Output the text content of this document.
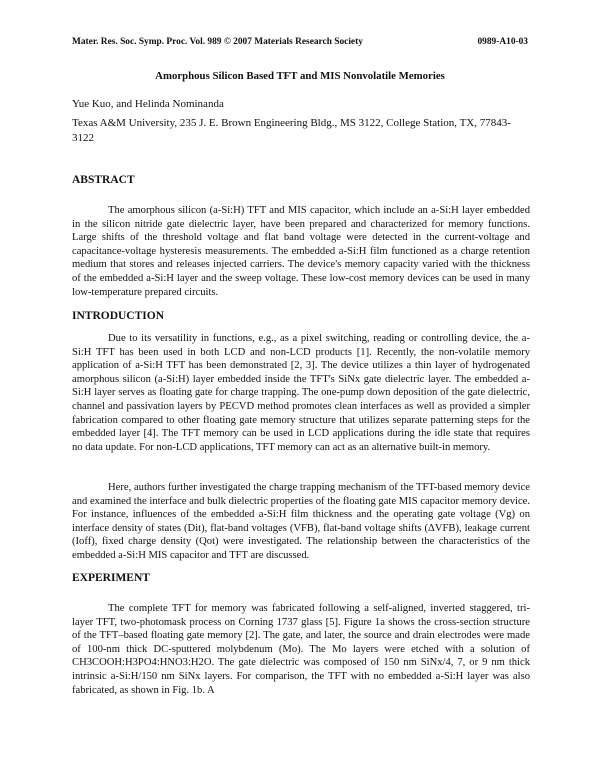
Mater. Res. Soc. Symp. Proc. Vol. 989 © 2007 Materials Research Society	0989-A10-03
Amorphous Silicon Based TFT and MIS Nonvolatile Memories
Yue Kuo, and Helinda Nominanda
Texas A&M University, 235 J. E. Brown Engineering Bldg., MS 3122, College Station, TX, 77843-3122
ABSTRACT

The amorphous silicon (a-Si:H) TFT and MIS capacitor, which include an a-Si:H layer embedded in the silicon nitride gate dielectric layer, have been prepared and characterized for memory functions. Large shifts of the threshold voltage and flat band voltage were detected in the current-voltage and capacitance-voltage hysteresis measurements. The embedded a-Si:H film functioned as a charge retention medium that stores and releases injected carriers. The device's memory capacity varied with the thickness of the embedded a-Si:H layer and the sweep voltage. These low-cost memory devices can be used in many low-temperature prepared circuits.

INTRODUCTION

Due to its versatility in functions, e.g., as a pixel switching, reading or controlling device, the a-Si:H TFT has been used in both LCD and non-LCD products [1]. Recently, the non-volatile memory application of a-Si:H TFT has been demonstrated [2, 3]. The device utilizes a thin layer of hydrogenated amorphous silicon (a-Si:H) layer embedded inside the TFT's SiNx gate dielectric layer. The embedded a-Si:H layer serves as floating gate for charge trapping. The one-pump down deposition of the gate dielectric, channel and passivation layers by PECVD method promotes clean interfaces as well as provided a simpler fabrication compared to other floating gate memory structure that utilizes separate patterning steps for the embedded layer [4]. The TFT memory can be used in LCD applications during the idle state that requires no data update. For non-LCD applications, TFT memory can act as an alternative built-in memory.

Here, authors further investigated the charge trapping mechanism of the TFT-based memory device and examined the interface and bulk dielectric properties of the floating gate MIS capacitor memory device. For instance, influences of the embedded a-Si:H film thickness and the operating gate voltage (Vg) on interface density of states (Dit), flat-band voltages (VFB), flat-band voltage shifts (ΔVFB), leakage current (Ioff), fixed charge density (Qot) were investigated. The relationship between the characteristics of the embedded a-Si:H MIS capacitor and TFT are discussed.

EXPERIMENT

The complete TFT for memory was fabricated following a self-aligned, inverted staggered, tri-layer TFT, two-photomask process on Corning 1737 glass [5]. Figure 1a shows the cross-section structure of the TFT–based floating gate memory [2]. The gate, and later, the source and drain electrodes were made of 100-nm thick DC-sputtered molybdenum (Mo). The Mo layers were etched with a solution of CH3COOH:H3PO4:HNO3:H2O. The gate dielectric was composed of 150 nm SiNx/4, 7, or 9 nm thick intrinsic a-Si:H/150 nm SiNx layers. For comparison, the TFT with no embedded a-Si:H layer was also fabricated, as shown in Fig. 1b. A
